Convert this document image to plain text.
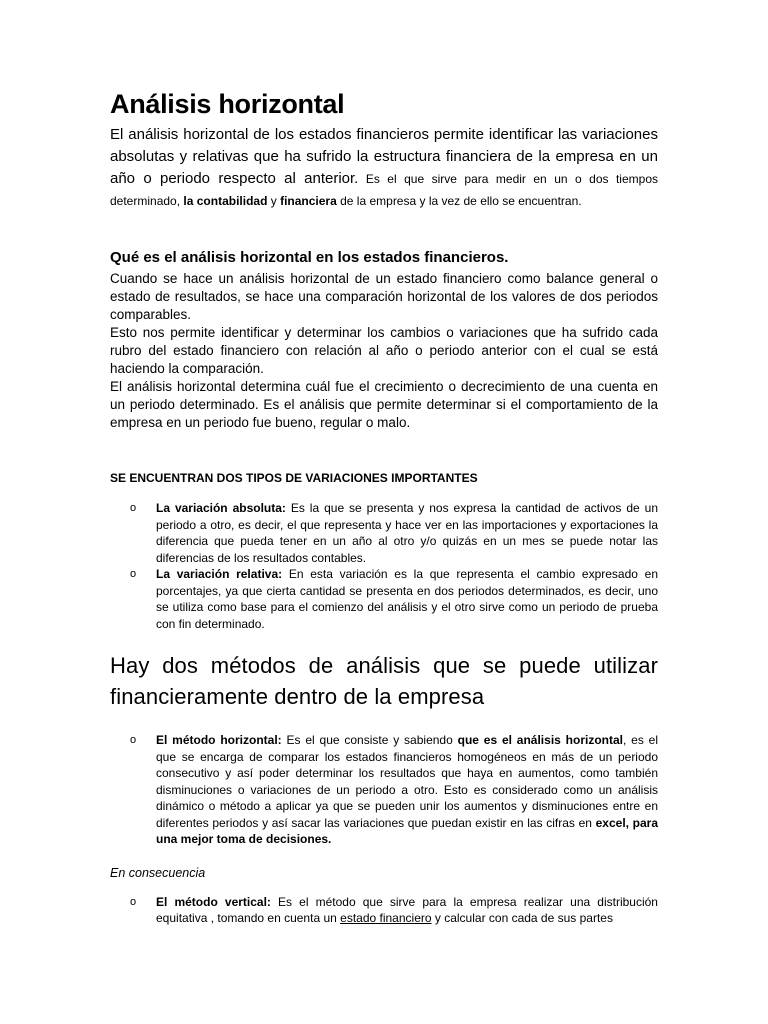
Análisis horizontal

El análisis horizontal de los estados financieros permite identificar las variaciones absolutas y relativas que ha sufrido la estructura financiera de la empresa en un año o periodo respecto al anterior. Es el que sirve para medir en un o dos tiempos determinado, la contabilidad y financiera de la empresa y la vez de ello se encuentran.

Qué es el análisis horizontal en los estados financieros.

Cuando se hace un análisis horizontal de un estado financiero como balance general o estado de resultados, se hace una comparación horizontal de los valores de dos periodos comparables.

Esto nos permite identificar y determinar los cambios o variaciones que ha sufrido cada rubro del estado financiero con relación al año o periodo anterior con el cual se está haciendo la comparación.

El análisis horizontal determina cuál fue el crecimiento o decrecimiento de una cuenta en un periodo determinado. Es el análisis que permite determinar si el comportamiento de la empresa en un periodo fue bueno, regular o malo.

SE ENCUENTRAN DOS TIPOS DE VARIACIONES IMPORTANTES
o La variación absoluta: Es la que se presenta y nos expresa la cantidad de activos de un periodo a otro, es decir, el que representa y hace ver en las importaciones y exportaciones la diferencia que pueda tener en un año al otro y/o quizás en un mes se puede notar las diferencias de los resultados contables.
o La variación relativa: En esta variación es la que representa el cambio expresado en porcentajes, ya que cierta cantidad se presenta en dos periodos determinados, es decir, uno se utiliza como base para el comienzo del análisis y el otro sirve como un periodo de prueba con fin determinado.
Hay dos métodos de análisis que se puede utilizar financieramente dentro de la empresa
o El método horizontal: Es el que consiste y sabiendo que es el análisis horizontal, es el que se encarga de comparar los estados financieros homogéneos en más de un periodo consecutivo y así poder determinar los resultados que haya en aumentos, como también disminuciones o variaciones de un periodo a otro. Esto es considerado como un análisis dinámico o método a aplicar ya que se pueden unir los aumentos y disminuciones entre en diferentes periodos y así sacar las variaciones que puedan existir en las cifras en excel, para una mejor toma de decisiones.

En consecuencia

o El método vertical: Es el método que sirve para la empresa realizar una distribución equitativa , tomando en cuenta un estado financiero y calcular con cada de sus partes
